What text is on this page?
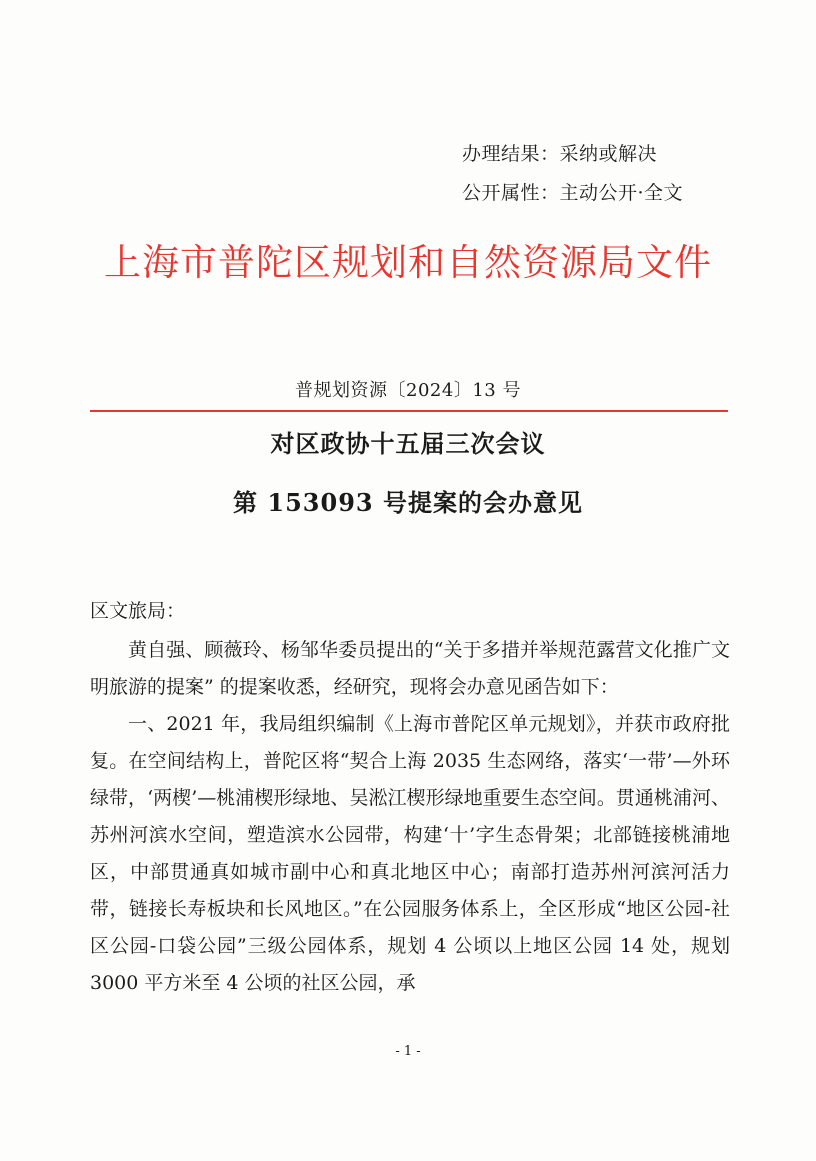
办理结果：采纳或解决
公开属性：主动公开·全文
上海市普陀区规划和自然资源局文件
普规划资源〔2024〕13 号
对区政协十五届三次会议
第 153093 号提案的会办意见
区文旅局：

黄自强、顾薇玲、杨邹华委员提出的“关于多措并举规范露营文化推广文明旅游的提案” 的提案收悉，经研究，现将会办意见函告如下：

一、2021 年，我局组织编制《上海市普陀区单元规划》，并获市政府批复。在空间结构上，普陀区将“契合上海 2035 生态网络，落实‘一带’—外环绿带，‘两楔’—桃浦楔形绿地、吴淞江楔形绿地重要生态空间。贯通桃浦河、苏州河滨水空间，塑造滨水公园带，构建‘十’字生态骨架；北部链接桃浦地区，中部贯通真如城市副中心和真北地区中心；南部打造苏州河滨河活力带，链接长寿板块和长风地区。”在公园服务体系上，全区形成“地区公园-社区公园-口袋公园”三级公园体系，规划 4 公顷以上地区公园 14 处，规划 3000 平方米至 4 公顷的社区公园，承

- 1 -
